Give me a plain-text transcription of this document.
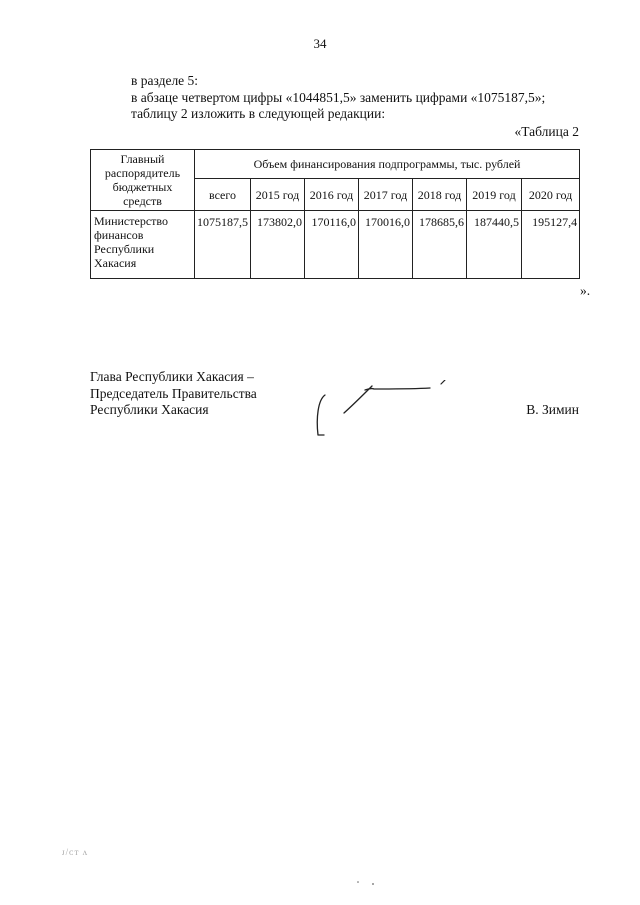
34
в разделе 5:
в абзаце четвертом цифры «1044851,5» заменить цифрами «1075187,5»;
таблицу 2 изложить в следующей редакции:
«Таблица 2
Главный распорядитель бюджетных средств	Объем финансирования подпрограммы, тыс. рублей						
	всего	2015 год	2016 год	2017 год	2018 год	2019 год	2020 год
Министерство финансов Республики Хакасия	1075187,5	173802,0	170116,0	170016,0	178685,6	187440,5	195127,4
».
Глава Республики Хакасия –
Председатель Правительства
Республики Хакасия	В. Зимин
ᴊ/ᴄᴛ ᴧ
